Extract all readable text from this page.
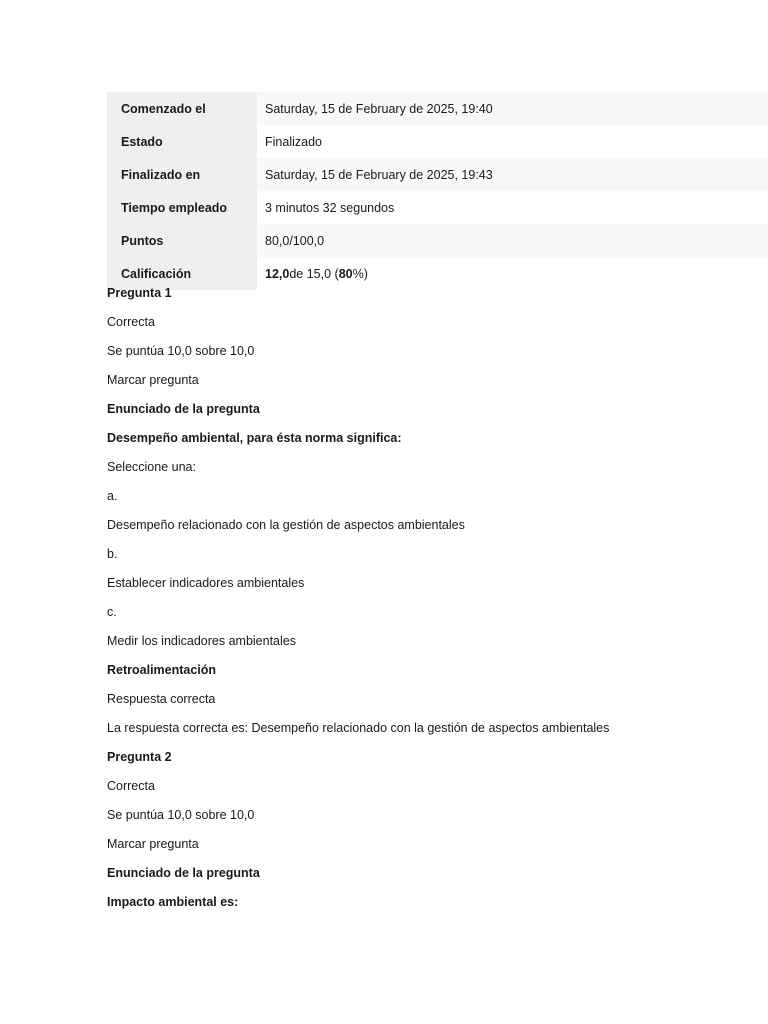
Comenzado el	Saturday, 15 de February de 2025, 19:40
Estado	Finalizado
Finalizado en	Saturday, 15 de February de 2025, 19:43
Tiempo empleado	3 minutos 32 segundos
Puntos	80,0/100,0
Calificación	12,0 de 15,0 ( 80 %)
Pregunta 1
Correcta
Se puntúa 10,0 sobre 10,0
Marcar pregunta
Enunciado de la pregunta
Desempeño ambiental, para ésta norma significa:
Seleccione una:
a.
Desempeño relacionado con la gestión de aspectos ambientales
b.
Establecer indicadores ambientales
c.
Medir los indicadores ambientales
Retroalimentación
Respuesta correcta
La respuesta correcta es: Desempeño relacionado con la gestión de aspectos ambientales
Pregunta 2
Correcta
Se puntúa 10,0 sobre 10,0
Marcar pregunta
Enunciado de la pregunta
Impacto ambiental es:
